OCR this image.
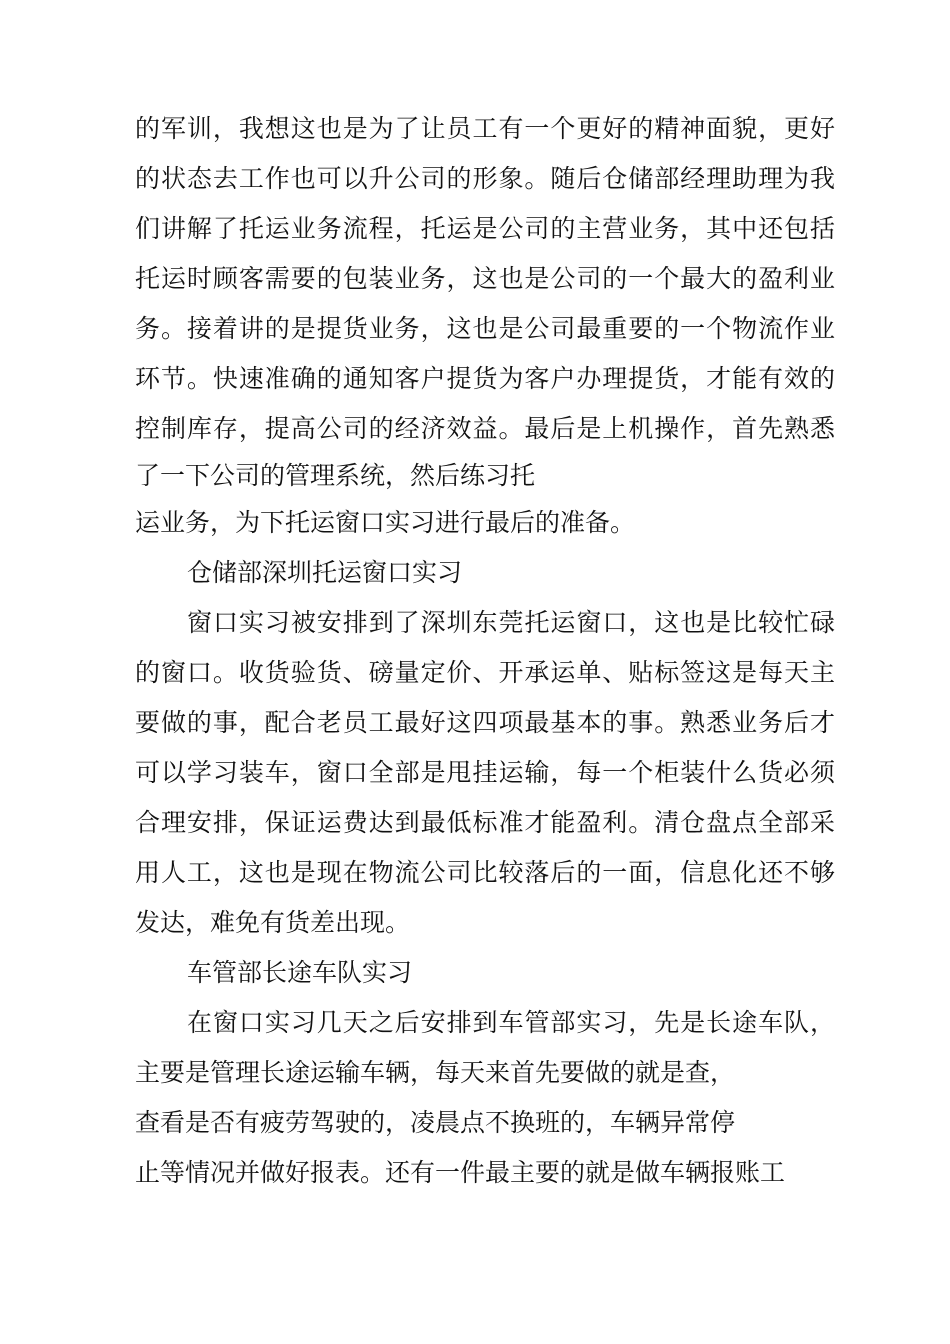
的军训，我想这也是为了让员工有一个更好的精神面貌，更好
的状态去工作也可以升公司的形象。随后仓储部经理助理为我
们讲解了托运业务流程，托运是公司的主营业务，其中还包括
托运时顾客需要的包装业务，这也是公司的一个最大的盈利业
务。接着讲的是提货业务，这也是公司最重要的一个物流作业
环节。快速准确的通知客户提货为客户办理提货，才能有效的
控制库存，提高公司的经济效益。最后是上机操作，首先熟悉
了一下公司的管理系统，然后练习托
运业务，为下托运窗口实习进行最后的准备。
仓储部深圳托运窗口实习
窗口实习被安排到了深圳东莞托运窗口，这也是比较忙碌
的窗口。收货验货、磅量定价、开承运单、贴标签这是每天主
要做的事，配合老员工最好这四项最基本的事。熟悉业务后才
可以学习装车，窗口全部是甩挂运输，每一个柜装什么货必须
合理安排，保证运费达到最低标准才能盈利。清仓盘点全部采
用人工，这也是现在物流公司比较落后的一面，信息化还不够
发达，难免有货差出现。
车管部长途车队实习
在窗口实习几天之后安排到车管部实习，先是长途车队，
主要是管理长途运输车辆，每天来首先要做的就是查，
查看是否有疲劳驾驶的，凌晨点不换班的，车辆异常停
止等情况并做好报表。还有一件最主要的就是做车辆报账工
